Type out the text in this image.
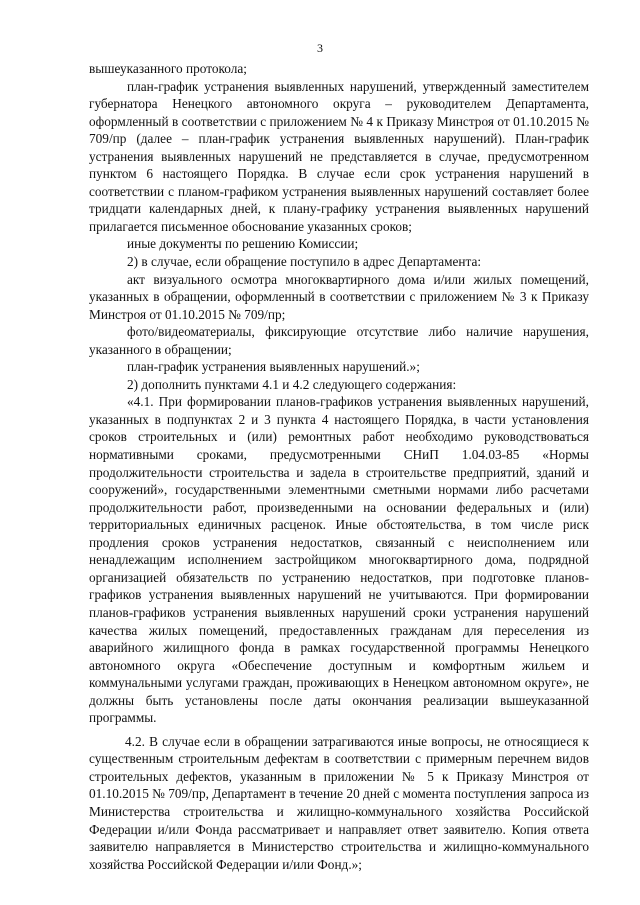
3

вышеуказанного протокола;

план-график устранения выявленных нарушений, утвержденный заместителем губернатора Ненецкого автономного округа – руководителем Департамента, оформленный в соответствии с приложением № 4 к Приказу Минстроя от 01.10.2015 № 709/пр (далее – план-график устранения выявленных нарушений). План-график устранения выявленных нарушений не представляется в случае, предусмотренном пунктом 6 настоящего Порядка. В случае если срок устранения нарушений в соответствии с планом-графиком устранения выявленных нарушений составляет более тридцати календарных дней, к плану-графику устранения выявленных нарушений прилагается письменное обоснование указанных сроков;

иные документы по решению Комиссии;

2) в случае, если обращение поступило в адрес Департамента:

акт визуального осмотра многоквартирного дома и/или жилых помещений, указанных в обращении, оформленный в соответствии с приложением № 3 к Приказу Минстроя от 01.10.2015 № 709/пр;

фото/видеоматериалы, фиксирующие отсутствие либо наличие нарушения, указанного в обращении;

план-график устранения выявленных нарушений.»;

2) дополнить пунктами 4.1 и 4.2 следующего содержания:

«4.1. При формировании планов-графиков устранения выявленных нарушений, указанных в подпунктах 2 и 3 пункта 4 настоящего Порядка, в части установления сроков строительных и (или) ремонтных работ необходимо руководствоваться нормативными сроками, предусмотренными СНиП 1.04.03-85 «Нормы продолжительности строительства и задела в строительстве предприятий, зданий и сооружений», государственными элементными сметными нормами либо расчетами продолжительности работ, произведенными на основании федеральных и (или) территориальных единичных расценок. Иные обстоятельства, в том числе риск продления сроков устранения недостатков, связанный с неисполнением или ненадлежащим исполнением застройщиком многоквартирного дома, подрядной организацией обязательств по устранению недостатков, при подготовке планов-графиков устранения выявленных нарушений не учитываются. При формировании планов-графиков устранения выявленных нарушений сроки устранения нарушений качества жилых помещений, предоставленных гражданам для переселения из аварийного жилищного фонда в рамках государственной программы Ненецкого автономного округа «Обеспечение доступным и комфортным жильем и коммунальными услугами граждан, проживающих в Ненецком автономном округе», не должны быть установлены после даты окончания реализации вышеуказанной программы.

4.2. В случае если в обращении затрагиваются иные вопросы, не относящиеся к существенным строительным дефектам в соответствии с примерным перечнем видов строительных дефектов, указанным в приложении № 5 к Приказу Минстроя от 01.10.2015 № 709/пр, Департамент в течение 20 дней с момента поступления запроса из Министерства строительства и жилищно-коммунального хозяйства Российской Федерации и/или Фонда рассматривает и направляет ответ заявителю. Копия ответа заявителю направляется в Министерство строительства и жилищно-коммунального хозяйства Российской Федерации и/или Фонд.»;
